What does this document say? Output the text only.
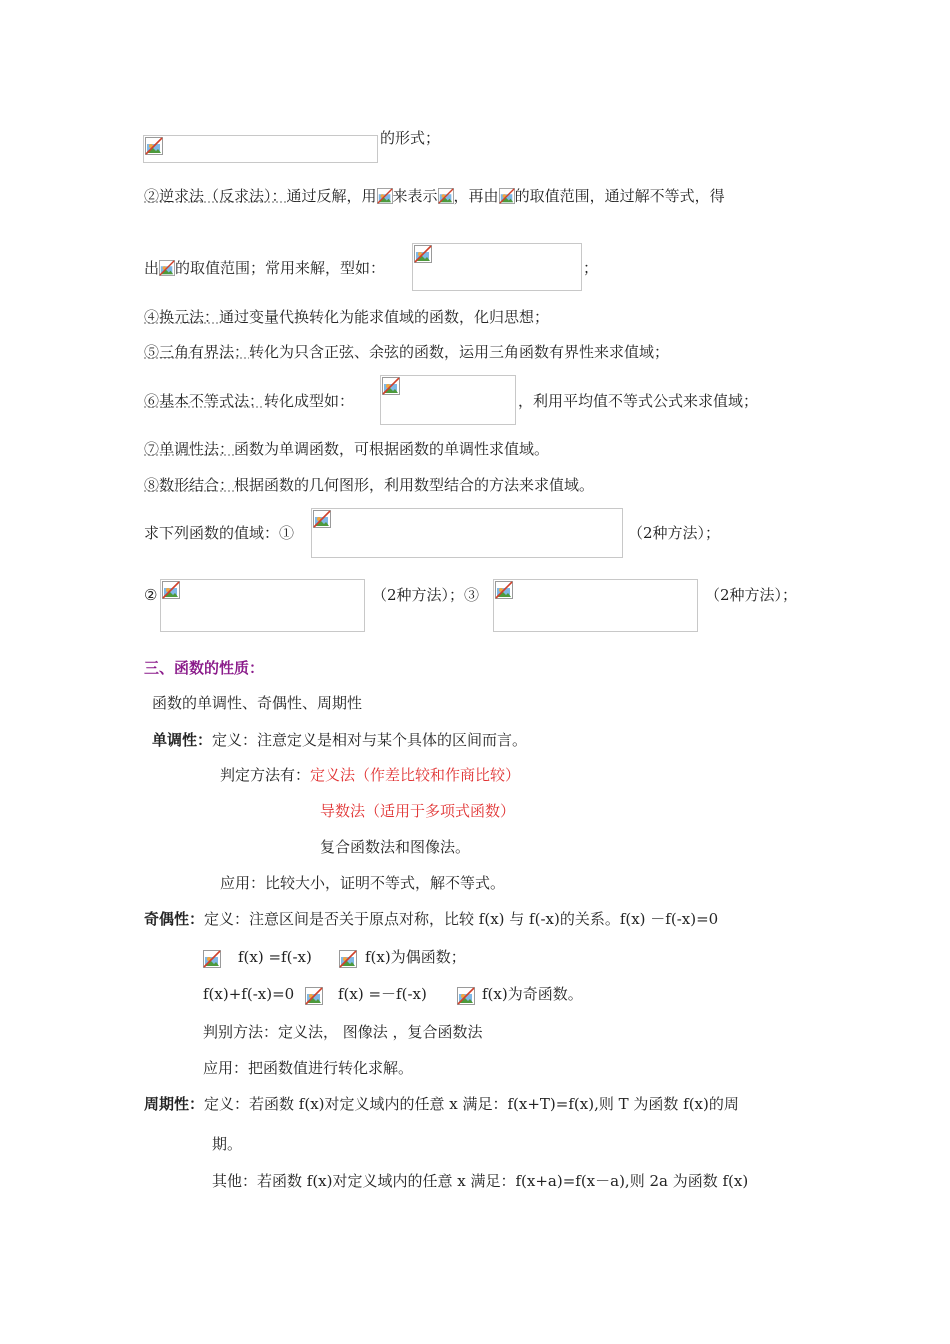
的形式；
②逆求法（反求法）：通过反解，用 来表示 ，再由 的取值范围，通过解不等式，得
出 的取值范围；常用来解，型如：	；
④换元法：通过变量代换转化为能求值域的函数，化归思想；
⑤三角有界法：转化为只含正弦、余弦的函数，运用三角函数有界性来求值域；
⑥基本不等式法：转化成型如：	，利用平均值不等式公式来求值域；
⑦单调性法：函数为单调函数，可根据函数的单调性求值域。
⑧数形结合：根据函数的几何图形，利用数型结合的方法来求值域。
求下列函数的值域：①	（2种方法）；
②	（2种方法）；③	（2种方法）；
三、函数的性质：
函数的单调性、奇偶性、周期性
单调性：定义：注意定义是相对与某个具体的区间而言。
判定方法有：定义法（作差比较和作商比较）
导数法（适用于多项式函数）
复合函数法和图像法。
应用：比较大小，证明不等式，解不等式。
奇偶性：定义：注意区间是否关于原点对称，比较 f(x) 与 f(-x)的关系。f(x) －f(-x)=0
f(x) =f(-x)	f(x)为偶函数；
f(x)+f(-x)=0	f(x) =－f(-x)	f(x)为奇函数。
判别方法：定义法， 图像法 ，复合函数法
应用：把函数值进行转化求解。
周期性：定义：若函数 f(x)对定义域内的任意 x 满足：f(x+T)=f(x),则 T 为函数 f(x)的周
期。
其他：若函数 f(x)对定义域内的任意 x 满足：f(x+a)=f(x－a),则 2a 为函数 f(x)
